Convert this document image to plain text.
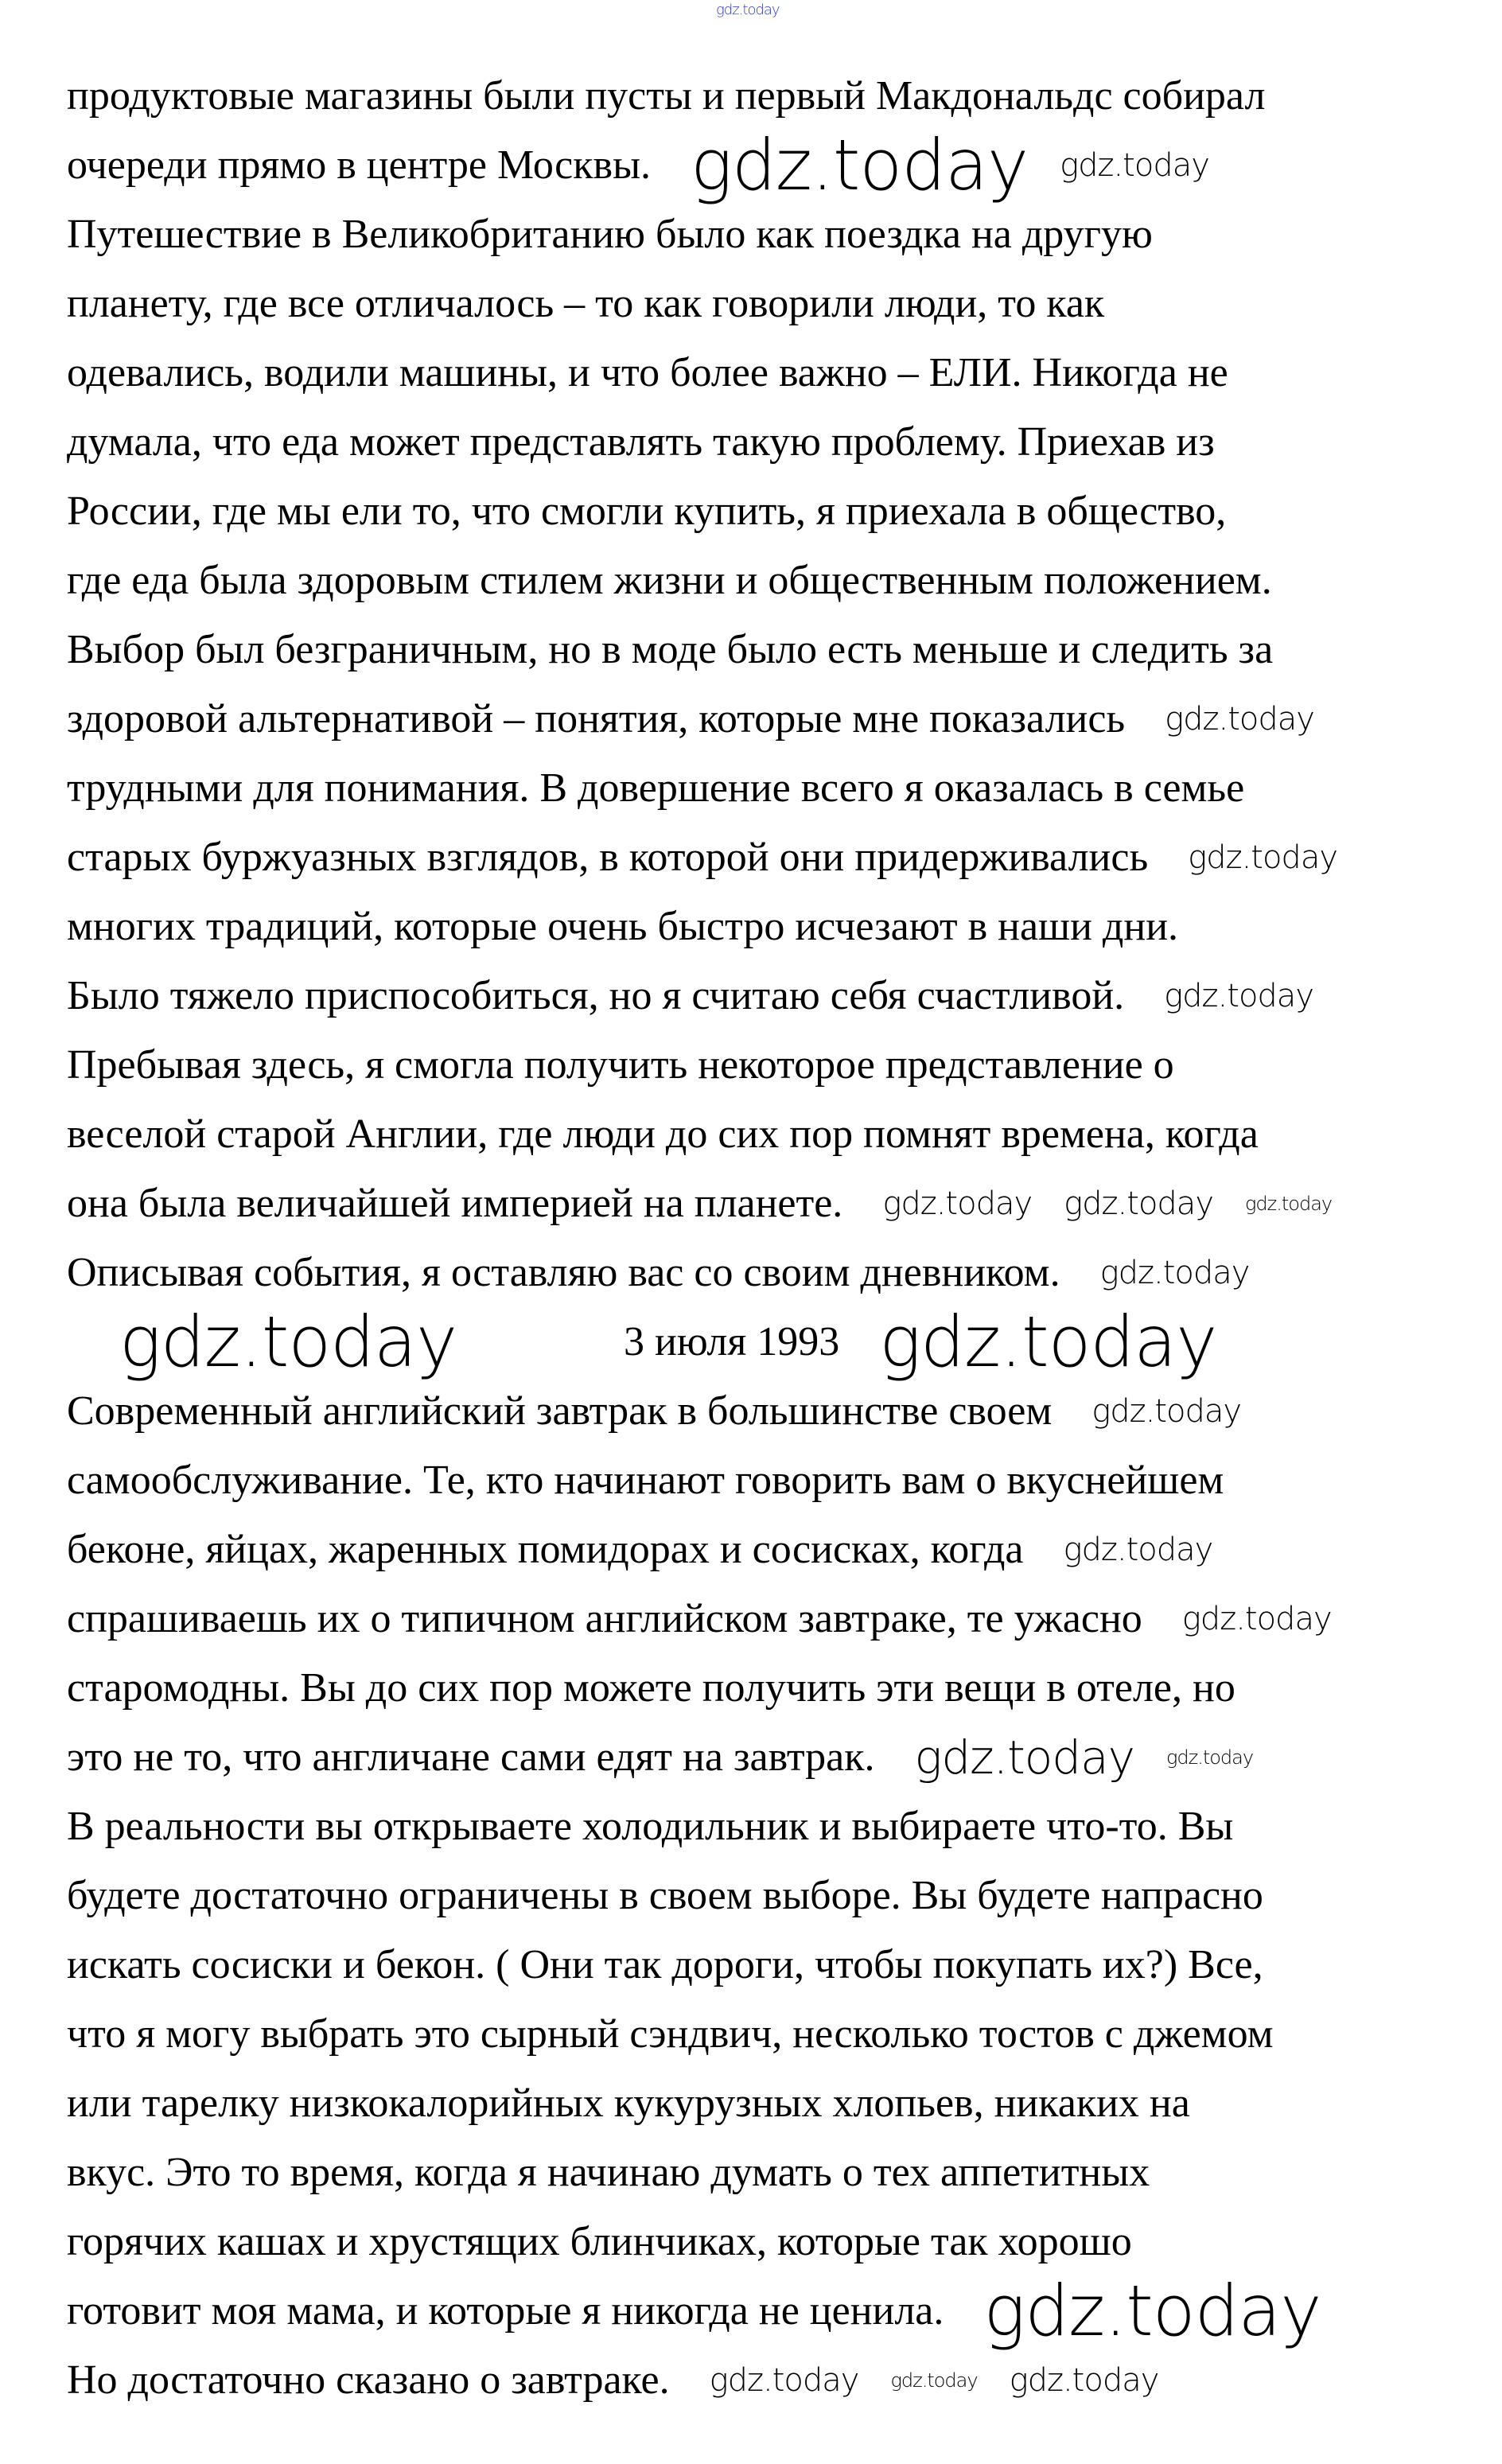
продуктовые магазины были пусты и первый Макдональдс собирал
очереди прямо в центре Москвы.
Путешествие в Великобританию было как поездка на другую
планету, где все отличалось – то как говорили люди, то как
одевались, водили машины, и что более важно – ЕЛИ. Никогда не
думала, что еда может представлять такую проблему. Приехав из
России, где мы ели то, что смогли купить, я приехала в общество,
где еда была здоровым стилем жизни и общественным положением.
Выбор был безграничным, но в моде было есть меньше и следить за
здоровой альтернативой – понятия, которые мне показались
трудными для понимания. В довершение всего я оказалась в семье
старых буржуазных взглядов, в которой они придерживались
многих традиций, которые очень быстро исчезают в наши дни.
Было тяжело приспособиться, но я считаю себя счастливой.
Пребывая здесь, я смогла получить некоторое представление о
веселой старой Англии, где люди до сих пор помнят времена, когда
она была величайшей империей на планете.
Описывая события, я оставляю вас со своим дневником.
3 июля 1993
Современный английский завтрак в большинстве своем
самообслуживание. Те, кто начинают говорить вам о вкуснейшем
беконе, яйцах, жаренных помидорах и сосисках, когда
спрашиваешь их о типичном английском завтраке, те ужасно
старомодны. Вы до сих пор можете получить эти вещи в отеле, но
это не то, что англичане сами едят на завтрак.
В реальности вы открываете холодильник и выбираете что-то. Вы
будете достаточно ограничены в своем выборе. Вы будете напрасно
искать сосиски и бекон. ( Они так дороги, чтобы покупать их?) Все,
что я могу выбрать это сырный сэндвич, несколько тостов с джемом
или тарелку низкокалорийных кукурузных хлопьев, никаких на
вкус. Это то время, когда я начинаю думать о тех аппетитных
горячих кашах и хрустящих блинчиках, которые так хорошо
готовит моя мама, и которые я никогда не ценила.
Но достаточно сказано о завтраке.
gdz.today
gdz.today gdz.today
gdz.today
gdz.today
gdz.today
gdz.today gdz.today gdz.today
gdz.today
gdz.today	gdz.today
gdz.today
gdz.today
gdz.today
gdz.today gdz.today
gdz.today
gdz.today gdz.today gdz.today
